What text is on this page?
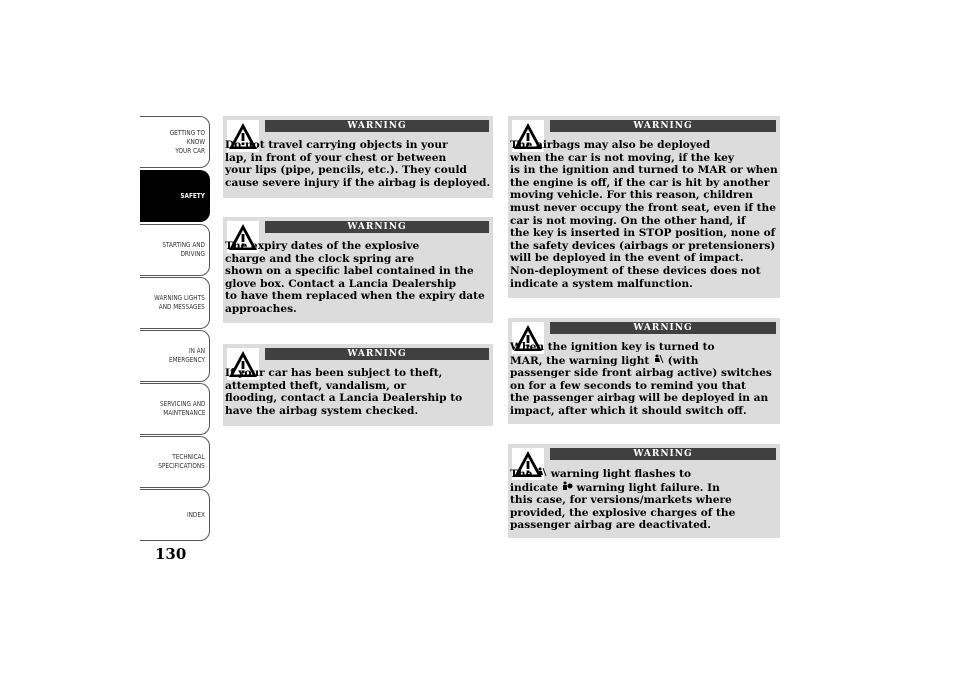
GETTING TO KNOW
YOUR CAR
SAFETY
STARTING AND
DRIVING
WARNING LIGHTS
AND MESSAGES
IN AN EMERGENCY
SERVICING AND
MAINTENANCE
TECHNICAL
SPECIFICATIONS
INDEX
130
WARNING
Do not travel carrying objects in your
lap, in front of your chest or between
your lips (pipe, pencils, etc.). They could
cause severe injury if the airbag is deployed.
WARNING
The expiry dates of the explosive
charge and the clock spring are
shown on a specific label contained in the
glove box. Contact a Lancia Dealership
to have them replaced when the expiry date
approaches.
WARNING
If your car has been subject to theft,
attempted theft, vandalism, or
flooding, contact a Lancia Dealership to
have the airbag system checked.
WARNING
The airbags may also be deployed
when the car is not moving, if the key
is in the ignition and turned to MAR or when
the engine is off, if the car is hit by another
moving vehicle. For this reason, children
must never occupy the front seat, even if the
car is not moving. On the other hand, if
the key is inserted in STOP position, none of
the safety devices (airbags or pretensioners)
will be deployed in the event of impact.
Non-deployment of these devices does not
indicate a system malfunction.
WARNING
When the ignition key is turned to
MAR, the warning light  (with
passenger side front airbag active) switches
on for a few seconds to remind you that
the passenger airbag will be deployed in an
impact, after which it should switch off.
WARNING
The  warning light flashes to
indicate  warning light failure. In
this case, for versions/markets where
provided, the explosive charges of the
passenger airbag are deactivated.
